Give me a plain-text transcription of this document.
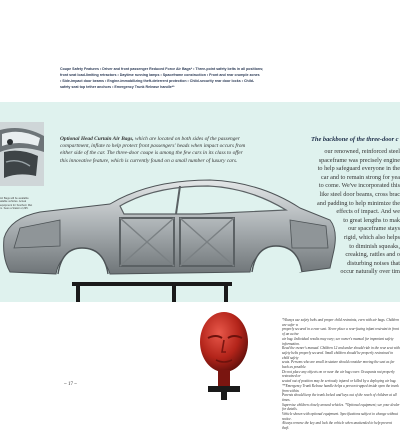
Coupe Safety Features • Driver and front passenger Reduced Force Air Bags* • Three-point safety belts in all positions;
front seat load-limiting retractors • Daytime running lamps • Spaceframe construction • Front and rear crumple zones
• Side-impact door beams • Engine-immobilizing theft-deterrent protection • Child-security rear door locks • Child-
safety seat top tether anchors • Emergency Trunk Release handle**
Air Bags will be available
ailable vehicles. Actual
equipment for Southern Met
m. Sees a Station 2,295.
Optional Head Curtain Air Bags, which are located on both sides of the passenger
compartment, inflate to help protect front passengers' heads when impact occurs from
either side of the car. The three-door coupe is among the few cars in its class to offer
this innovative feature, which is currently found on a small number of luxury cars.
The backbone of the three-door c
our renowned, reinforced steel
spaceframe was precisely engine
to help safeguard everyone in the
car and to remain strong for yea
to come. We've incorporated this
like steel door beams, cross brac
and padding to help minimize the
effects of impact. And we
to great lengths to mak
our spaceframe stays
rigid, which also helps
to diminish squeaks,
creaking, rattles and o
disturbing noises that
occur naturally over tim
*Always use safety belts and proper child restraints, even with air bags. Children are safer w
properly secured in a rear seat. Never place a rear-facing infant restraint in front of an active
air bag. Individual results may vary; see owner's manual for important safety information.
Read the owner's manual. Children 12 and under should ride in the rear seat with
safety belts properly secured. Small children should be properly restrained in child safety
seats. Persons who are small in stature should consider moving the seat as far back as possible.
Do not place any objects on or near the air bag cover. Occupants not properly restrained or
seated out of position may be seriously injured or killed by a deploying air bag.
**Emergency Trunk Release handle helps a person trapped inside open the trunk from within.
Parents should keep the trunk locked and keys out of the reach of children at all times.
Supervise children closely around vehicles. *Optional equipment; see your dealer for details.
Vehicle shown with optional equipment. Specifications subject to change without notice.
Always remove the key and lock the vehicle when unattended to help prevent theft.
~ 17 ~
